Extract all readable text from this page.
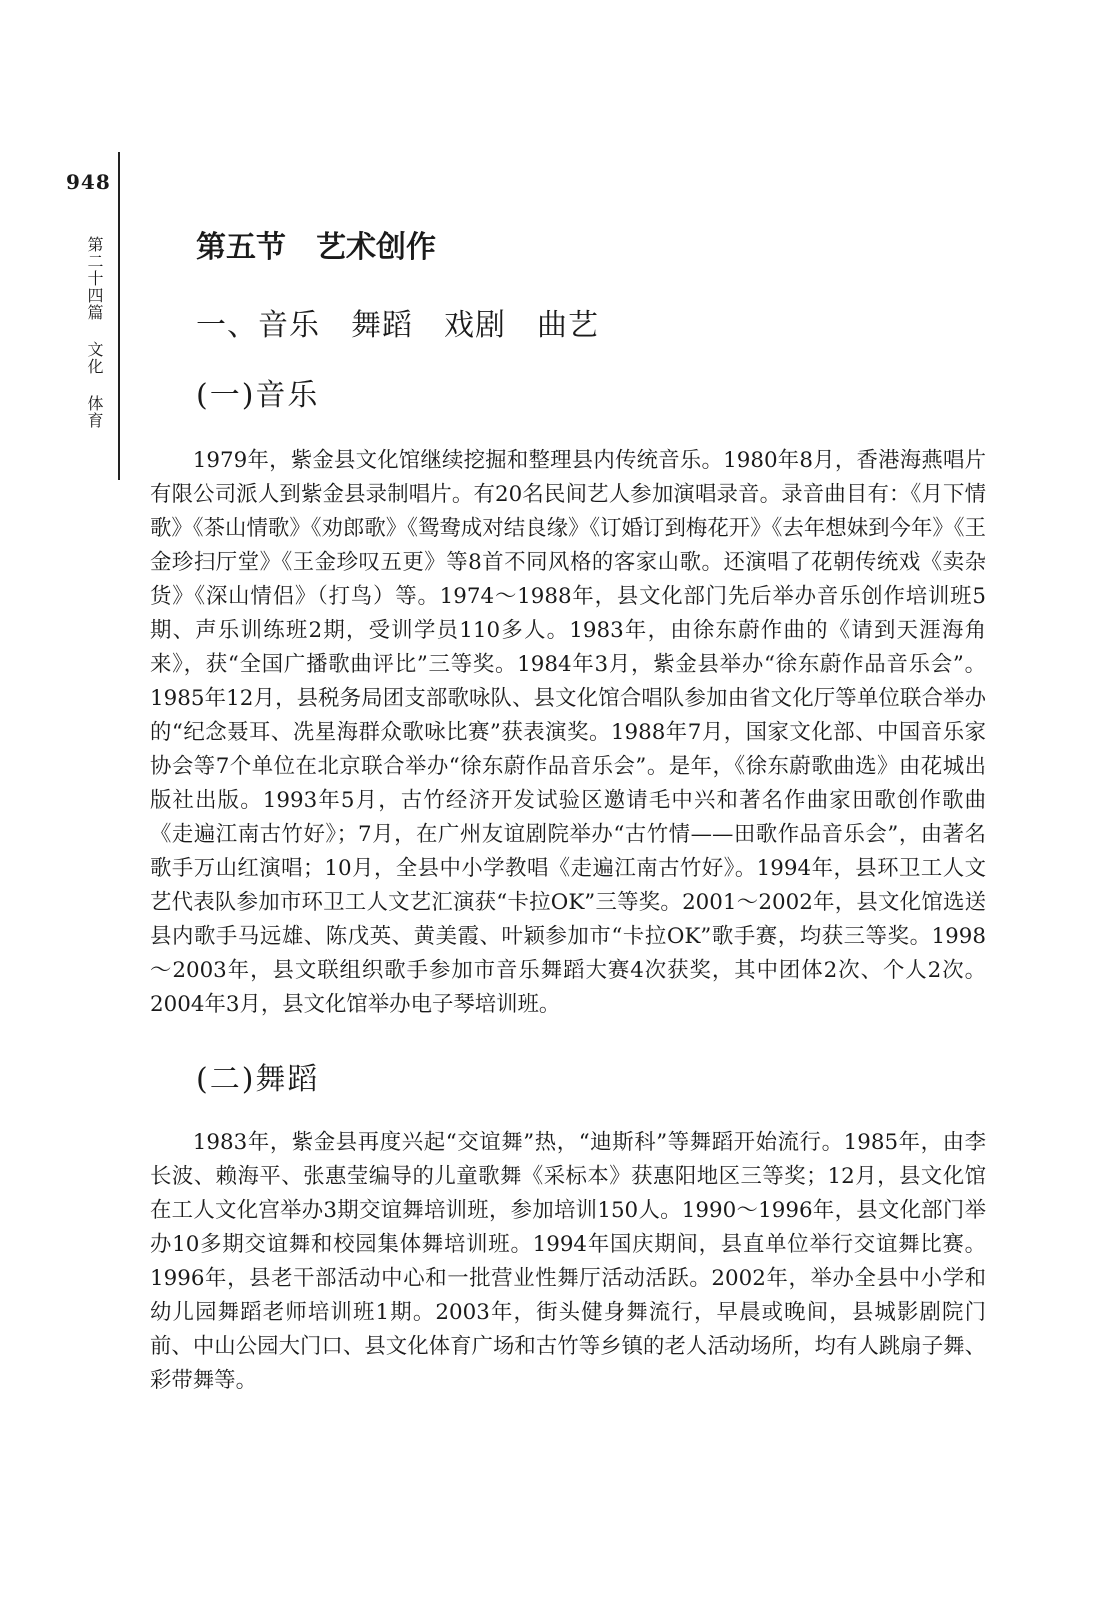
948
第二十四篇 文化 体育	第五节　艺术创作
一、音乐　舞蹈　戏剧　曲艺
(一)音乐

1979年，紫金县文化馆继续挖掘和整理县内传统音乐。1980年8月，香港海燕唱片有限公司派人到紫金县录制唱片。有20名民间艺人参加演唱录音。录音曲目有：《月下情歌》《茶山情歌》《劝郎歌》《鸳鸯成对结良缘》《订婚订到梅花开》《去年想妹到今年》《王金珍扫厅堂》《王金珍叹五更》等8首不同风格的客家山歌。还演唱了花朝传统戏《卖杂货》《深山情侣》（打鸟）等。1974～1988年，县文化部门先后举办音乐创作培训班5期、声乐训练班2期，受训学员110多人。1983年，由徐东蔚作曲的《请到天涯海角来》，获“全国广播歌曲评比”三等奖。1984年3月，紫金县举办“徐东蔚作品音乐会”。1985年12月，县税务局团支部歌咏队、县文化馆合唱队参加由省文化厅等单位联合举办的“纪念聂耳、冼星海群众歌咏比赛”获表演奖。1988年7月，国家文化部、中国音乐家协会等7个单位在北京联合举办“徐东蔚作品音乐会”。是年，《徐东蔚歌曲选》由花城出版社出版。1993年5月，古竹经济开发试验区邀请毛中兴和著名作曲家田歌创作歌曲《走遍江南古竹好》；7月，在广州友谊剧院举办“古竹情——田歌作品音乐会”，由著名歌手万山红演唱；10月，全县中小学教唱《走遍江南古竹好》。1994年，县环卫工人文艺代表队参加市环卫工人文艺汇演获“卡拉OK”三等奖。2001～2002年，县文化馆选送县内歌手马远雄、陈戊英、黄美霞、叶颖参加市“卡拉OK”歌手赛，均获三等奖。1998～2003年，县文联组织歌手参加市音乐舞蹈大赛4次获奖，其中团体2次、个人2次。2004年3月，县文化馆举办电子琴培训班。

(二)舞蹈

1983年，紫金县再度兴起“交谊舞”热，“迪斯科”等舞蹈开始流行。1985年，由李长波、赖海平、张惠莹编导的儿童歌舞《采标本》获惠阳地区三等奖；12月，县文化馆在工人文化宫举办3期交谊舞培训班，参加培训150人。1990～1996年，县文化部门举办10多期交谊舞和校园集体舞培训班。1994年国庆期间，县直单位举行交谊舞比赛。1996年，县老干部活动中心和一批营业性舞厅活动活跃。2002年，举办全县中小学和幼儿园舞蹈老师培训班1期。2003年，街头健身舞流行，早晨或晚间，县城影剧院门前、中山公园大门口、县文化体育广场和古竹等乡镇的老人活动场所，均有人跳扇子舞、彩带舞等。
